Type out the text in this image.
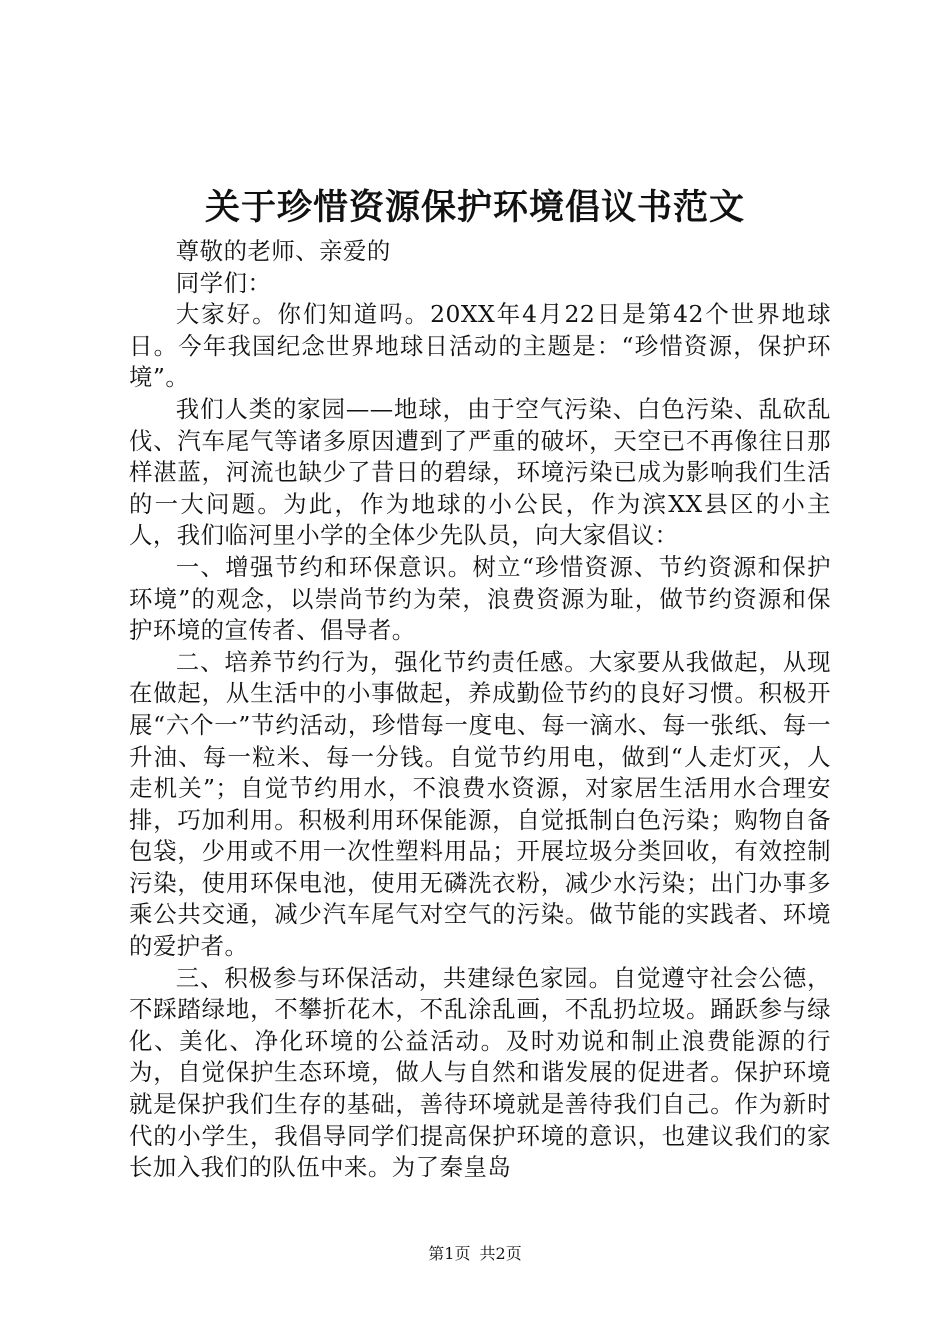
关于珍惜资源保护环境倡议书范文

尊敬的老师、亲爱的

同学们：

大家好。你们知道吗。20XX年4月22日是第42个世界地球日。今年我国纪念世界地球日活动的主题是：“珍惜资源，保护环境”。

我们人类的家园——地球，由于空气污染、白色污染、乱砍乱伐、汽车尾气等诸多原因遭到了严重的破坏，天空已不再像往日那样湛蓝，河流也缺少了昔日的碧绿，环境污染已成为影响我们生活的一大问题。为此，作为地球的小公民，作为滨XX县区的小主人，我们临河里小学的全体少先队员，向大家倡议：

一、增强节约和环保意识。树立“珍惜资源、节约资源和保护环境”的观念，以崇尚节约为荣，浪费资源为耻，做节约资源和保护环境的宣传者、倡导者。

二、培养节约行为，强化节约责任感。大家要从我做起，从现在做起，从生活中的小事做起，养成勤俭节约的良好习惯。积极开展“六个一”节约活动，珍惜每一度电、每一滴水、每一张纸、每一升油、每一粒米、每一分钱。自觉节约用电，做到“人走灯灭，人走机关”；自觉节约用水，不浪费水资源，对家居生活用水合理安排，巧加利用。积极利用环保能源，自觉抵制白色污染；购物自备包袋，少用或不用一次性塑料用品；开展垃圾分类回收，有效控制污染，使用环保电池，使用无磷洗衣粉，减少水污染；出门办事多乘公共交通，减少汽车尾气对空气的污染。做节能的实践者、环境的爱护者。

三、积极参与环保活动，共建绿色家园。自觉遵守社会公德，不踩踏绿地，不攀折花木，不乱涂乱画，不乱扔垃圾。踊跃参与绿化、美化、净化环境的公益活动。及时劝说和制止浪费能源的行为，自觉保护生态环境，做人与自然和谐发展的促进者。保护环境就是保护我们生存的基础，善待环境就是善待我们自己。作为新时代的小学生，我倡导同学们提高保护环境的意识，也建议我们的家长加入我们的队伍中来。为了秦皇岛

第1页 共2页
